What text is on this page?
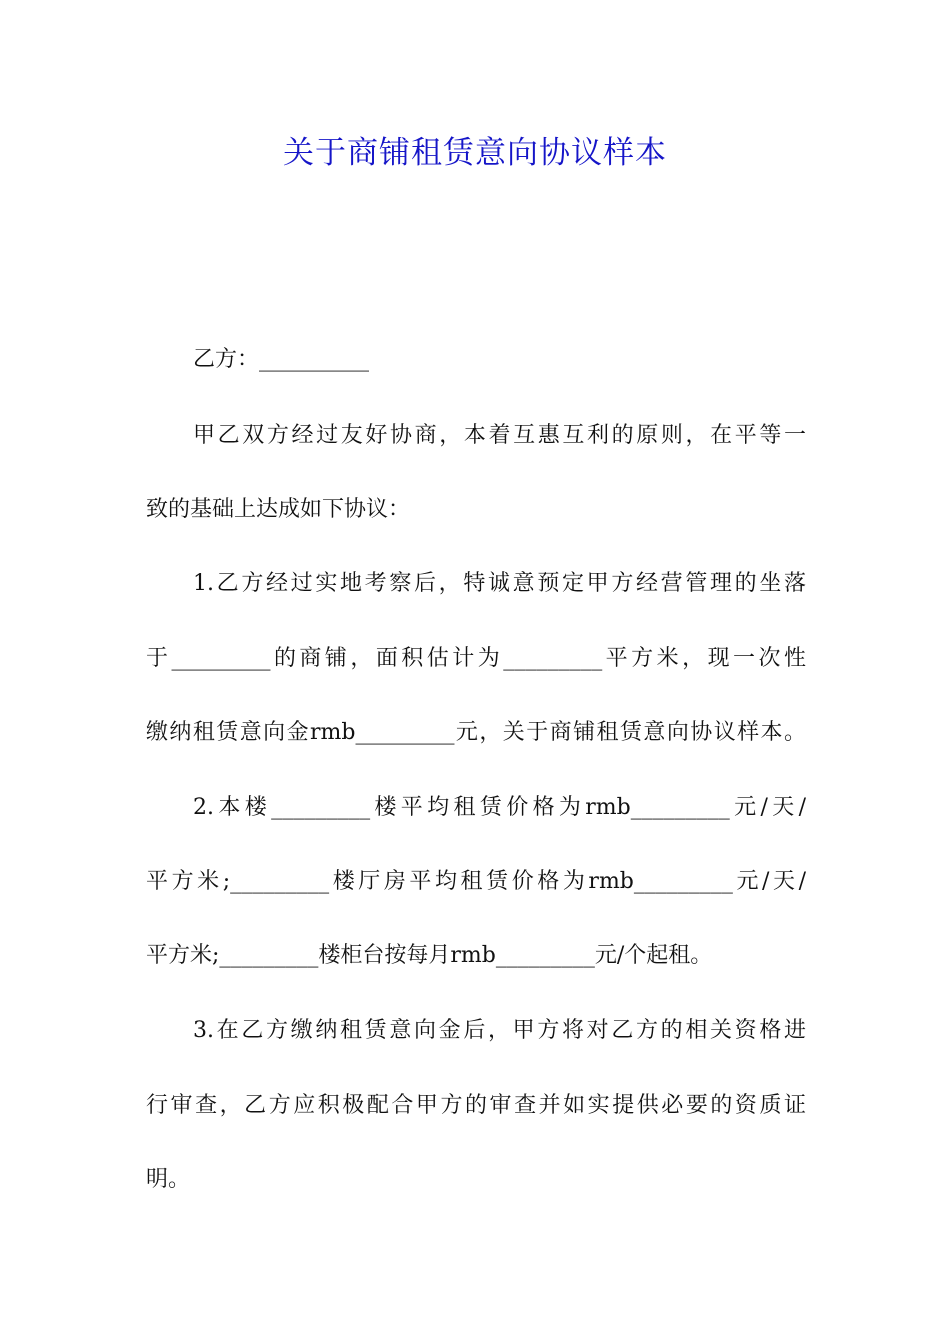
关于商铺租赁意向协议样本
乙方：__________
甲乙双方经过友好协商，本着互惠互利的原则，在平等一
致的基础上达成如下协议：
1.乙方经过实地考察后，特诚意预定甲方经营管理的坐落
于_________的商铺，面积估计为_________平方米，现一次性
缴纳租赁意向金rmb_________元，关于商铺租赁意向协议样本。
2.本楼_________楼平均租赁价格为rmb_________元/天/
平方米;_________楼厅房平均租赁价格为rmb_________元/天/
平方米;_________楼柜台按每月rmb_________元/个起租。
3.在乙方缴纳租赁意向金后，甲方将对乙方的相关资格进
行审查，乙方应积极配合甲方的审查并如实提供必要的资质证
明。
